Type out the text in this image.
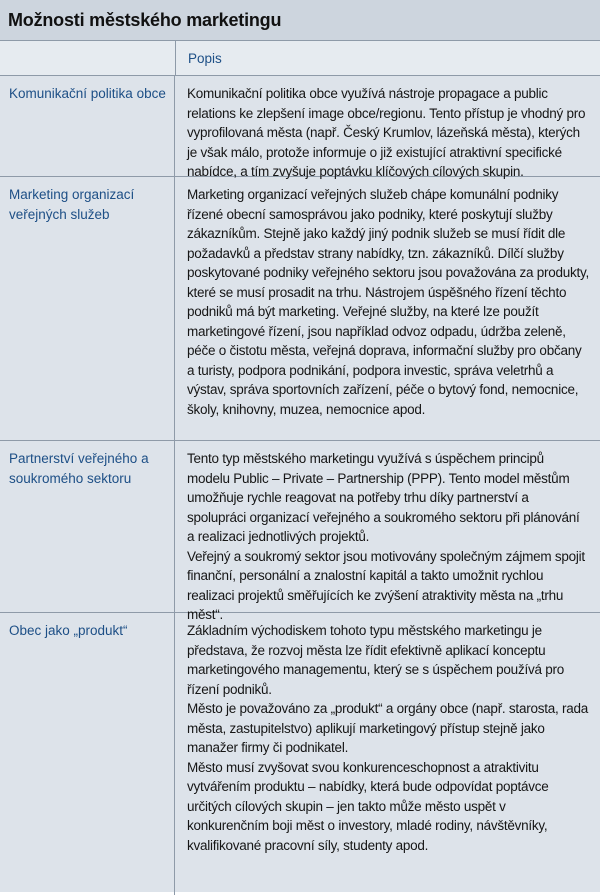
Možnosti městského marketingu
Popis
Komunikační politika obce	Komunikační politika obce využívá nástroje propagace a public relations ke zlepšení image obce/regionu. Tento přístup je vhodný pro vyprofilovaná města (např. Český Krumlov, lázeňská města), kterých je však málo, protože informuje o již existující atraktivní specifické nabídce, a tím zvyšuje poptávku klíčových cílových skupin.

Marketing organizací veřejných služeb

Marketing organizací veřejných služeb chápe komunální podniky řízené obecní samosprávou jako podniky, které poskytují služby zákazníkům. Stejně jako každý jiný podnik služeb se musí řídit dle požadavků a představ strany nabídky, tzn. zákazníků. Dílčí služby poskytované podniky veřejného sektoru jsou považována za produkty, které se musí prosadit na trhu. Nástrojem úspěšného řízení těchto podniků má být marketing. Veřejné služby, na které lze použít marketingové řízení, jsou například odvoz odpadu, údržba zeleně, péče o čistotu města, veřejná doprava, informační služby pro občany a turisty, podpora podnikání, podpora investic, správa veletrhů a výstav, správa sportovních zařízení, péče o bytový fond, nemocnice, školy, knihovny, muzea, nemocnice apod.

Partnerství veřejného a soukromého sektoru

Tento typ městského marketingu využívá s úspěchem principů modelu Public – Private – Partnership (PPP). Tento model městům umožňuje rychle reagovat na potřeby trhu díky partnerství a spolupráci organizací veřejného a soukromého sektoru při plánování a realizaci jednotlivých projektů.

Veřejný a soukromý sektor jsou motivovány společným zájmem spojit finanční, personální a znalostní kapitál a takto umožnit rychlou realizaci projektů směřujících ke zvýšení atraktivity města na „trhu měst“.

Obec jako „produkt“	Základním východiskem tohoto typu městského marketingu je představa, že rozvoj města lze řídit efektivně aplikací konceptu marketingového managementu, který se s úspěchem používá pro řízení podniků.

Město je považováno za „produkt“ a orgány obce (např. starosta, rada města, zastupitelstvo) aplikují marketingový přístup stejně jako manažer firmy či podnikatel.

Město musí zvyšovat svou konkurenceschopnost a atraktivitu vytvářením produktu – nabídky, která bude odpovídat poptávce určitých cílových skupin – jen takto může město uspět v konkurenčním boji měst o investory, mladé rodiny, návštěvníky, kvalifikované pracovní síly, studenty apod.
